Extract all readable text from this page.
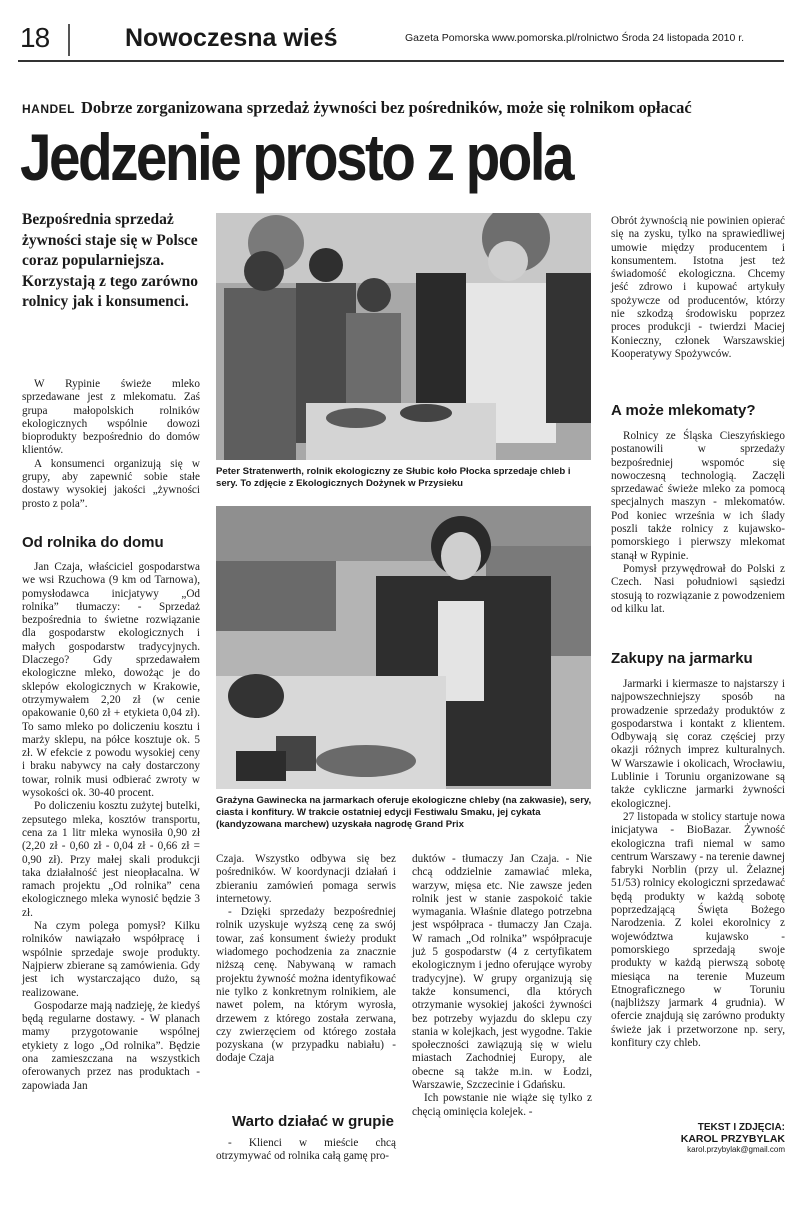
18	Nowoczesna wieś	Gazeta Pomorska www.pomorska.pl/rolnictwo Środa 24 listopada 2010 r.
HANDEL Dobrze zorganizowana sprzedaż żywności bez pośredników, może się rolnikom opłacać
Jedzenie prosto z pola
Bezpośrednia sprzedaż żywności staje się w Polsce coraz popularniejsza. Korzystają z tego zarówno rolnicy jak i konsumenci.

W Rypinie świeże mleko sprzedawane jest z mlekomatu. Zaś grupa małopolskich rolników ekologicznych wspólnie dowozi bioprodukty bezpośrednio do domów klientów.

A konsumenci organizują się w grupy, aby zapewnić sobie stałe dostawy wysokiej jakości „żywności prosto z pola”.

Od rolnika do domu

Jan Czaja, właściciel gospodarstwa we wsi Rzuchowa (9 km od Tarnowa), pomysłodawca inicjatywy „Od rolnika” tłumaczy: - Sprzedaż bezpośrednia to świetne rozwiązanie dla gospodarstw ekologicznych i małych gospodarstw tradycyjnych. Dlaczego? Gdy sprzedawałem ekologiczne mleko, dowożąc je do sklepów ekologicznych w Krakowie, otrzymywałem 2,20 zł (w cenie opakowanie 0,60 zł + etykieta 0,04 zł). To samo mleko po doliczeniu kosztu i marży sklepu, na półce kosztuje ok. 5 zł. W efekcie z powodu wysokiej ceny i braku nabywcy na cały dostarczony towar, rolnik musi odbierać zwroty w wysokości ok. 30-40 procent.

Po doliczeniu kosztu zużytej butelki, zepsutego mleka, kosztów transportu, cena za 1 litr mleka wynosiła 0,90 zł (2,20 zł - 0,60 zł - 0,04 zł - 0,66 zł = 0,90 zł). Przy małej skali produkcji taka działalność jest nieopłacalna. W ramach projektu „Od rolnika” cena ekologicznego mleka wynosić będzie 3 zł.

Na czym polega pomysł? Kilku rolników nawiązało współpracę i wspólnie sprzedaje swoje produkty. Najpierw zbierane są zamówienia. Gdy jest ich wystarczająco dużo, są realizowane.

Gospodarze mają nadzieję, że kiedyś będą regularne dostawy. - W planach mamy przygotowanie wspólnej etykiety z logo „Od rolnika”. Będzie ona zamieszczana na wszystkich oferowanych przez nas produktach - zapowiada Jan

Peter Stratenwerth, rolnik ekologiczny ze Słubic koło Płocka sprzedaje chleb i sery. To zdjęcie z Ekologicznych Dożynek w Przysieku
Grażyna Gawinecka na jarmarkach oferuje ekologiczne chleby (na zakwasie), sery, ciasta i konfitury. W trakcie ostatniej edycji Festiwalu Smaku, jej cykata (kandyzowana marchew) uzyskała nagrodę Grand Prix

Czaja. Wszystko odbywa się bez pośredników. W koordynacji działań i zbieraniu zamówień pomaga serwis internetowy.

- Dzięki sprzedaży bezpośredniej rolnik uzyskuje wyższą cenę za swój towar, zaś konsument świeży produkt wiadomego pochodzenia za znacznie niższą cenę. Nabywaną w ramach projektu żywność można identyfikować nie tylko z konkretnym rolnikiem, ale nawet polem, na którym wyrosła, drzewem z którego została zerwana, czy zwierzęciem od którego została pozyskana (w przypadku nabiału) - dodaje Czaja

Warto działać w grupie

- Klienci w mieście chcą otrzymywać od rolnika całą gamę pro-

duktów - tłumaczy Jan Czaja. - Nie chcą oddzielnie zamawiać mleka, warzyw, mięsa etc. Nie zawsze jeden rolnik jest w stanie zaspokoić takie wymagania. Właśnie dlatego potrzebna jest współpraca - tłumaczy Jan Czaja. W ramach „Od rolnika” współpracuje już 5 gospodarstw (4 z certyfikatem ekologicznym i jedno oferujące wyroby tradycyjne). W grupy organizują się także konsumenci, dla których otrzymanie wysokiej jakości żywności bez potrzeby wyjazdu do sklepu czy stania w kolejkach, jest wygodne. Takie społeczności zawiązują się w wielu miastach Zachodniej Europy, ale obecne są także m.in. w Łodzi, Warszawie, Szczecinie i Gdańsku.

Ich powstanie nie wiąże się tylko z chęcią ominięcia kolejek. -

Obrót żywnością nie powinien opierać się na zysku, tylko na sprawiedliwej umowie między producentem i konsumentem. Istotna jest też świadomość ekologiczna. Chcemy jeść zdrowo i kupować artykuły spożywcze od producentów, którzy nie szkodzą środowisku poprzez proces produkcji - twierdzi Maciej Konieczny, członek Warszawskiej Kooperatywy Spożywców.

A może mlekomaty?

Rolnicy ze Śląska Cieszyńskiego postanowili w sprzedaży bezpośredniej wspomóc się nowoczesną technologią. Zaczęli sprzedawać świeże mleko za pomocą specjalnych maszyn - mlekomatów. Pod koniec września w ich ślady poszli także rolnicy z kujawsko-pomorskiego i pierwszy mlekomat stanął w Rypinie.

Pomysł przywędrował do Polski z Czech. Nasi południowi sąsiedzi stosują to rozwiązanie z powodzeniem od kilku lat.

Zakupy na jarmarku

Jarmarki i kiermasze to najstarszy i najpowszechniejszy sposób na prowadzenie sprzedaży produktów z gospodarstwa i kontakt z klientem. Odbywają się coraz częściej przy okazji różnych imprez kulturalnych. W Warszawie i okolicach, Wrocławiu, Lublinie i Toruniu organizowane są także cykliczne jarmarki żywności ekologicznej.

27 listopada w stolicy startuje nowa inicjatywa - BioBazar. Żywność ekologiczna trafi niemal w samo centrum Warszawy - na terenie dawnej fabryki Norblin (przy ul. Żelaznej 51/53) rolnicy ekologiczni sprzedawać będą produkty w każdą sobotę poprzedzającą Święta Bożego Narodzenia. Z kolei ekorolnicy z województwa kujawsko - pomorskiego sprzedają swoje produkty w każdą pierwszą sobotę miesiąca na terenie Muzeum Etnograficznego w Toruniu (najbliższy jarmark 4 grudnia). W ofercie znajdują się zarówno produkty świeże jak i przetworzone np. sery, konfitury czy chleb.

TEKST I ZDJĘCIA:
KAROL PRZYBYLAK
karol.przybylak@gmail.com
